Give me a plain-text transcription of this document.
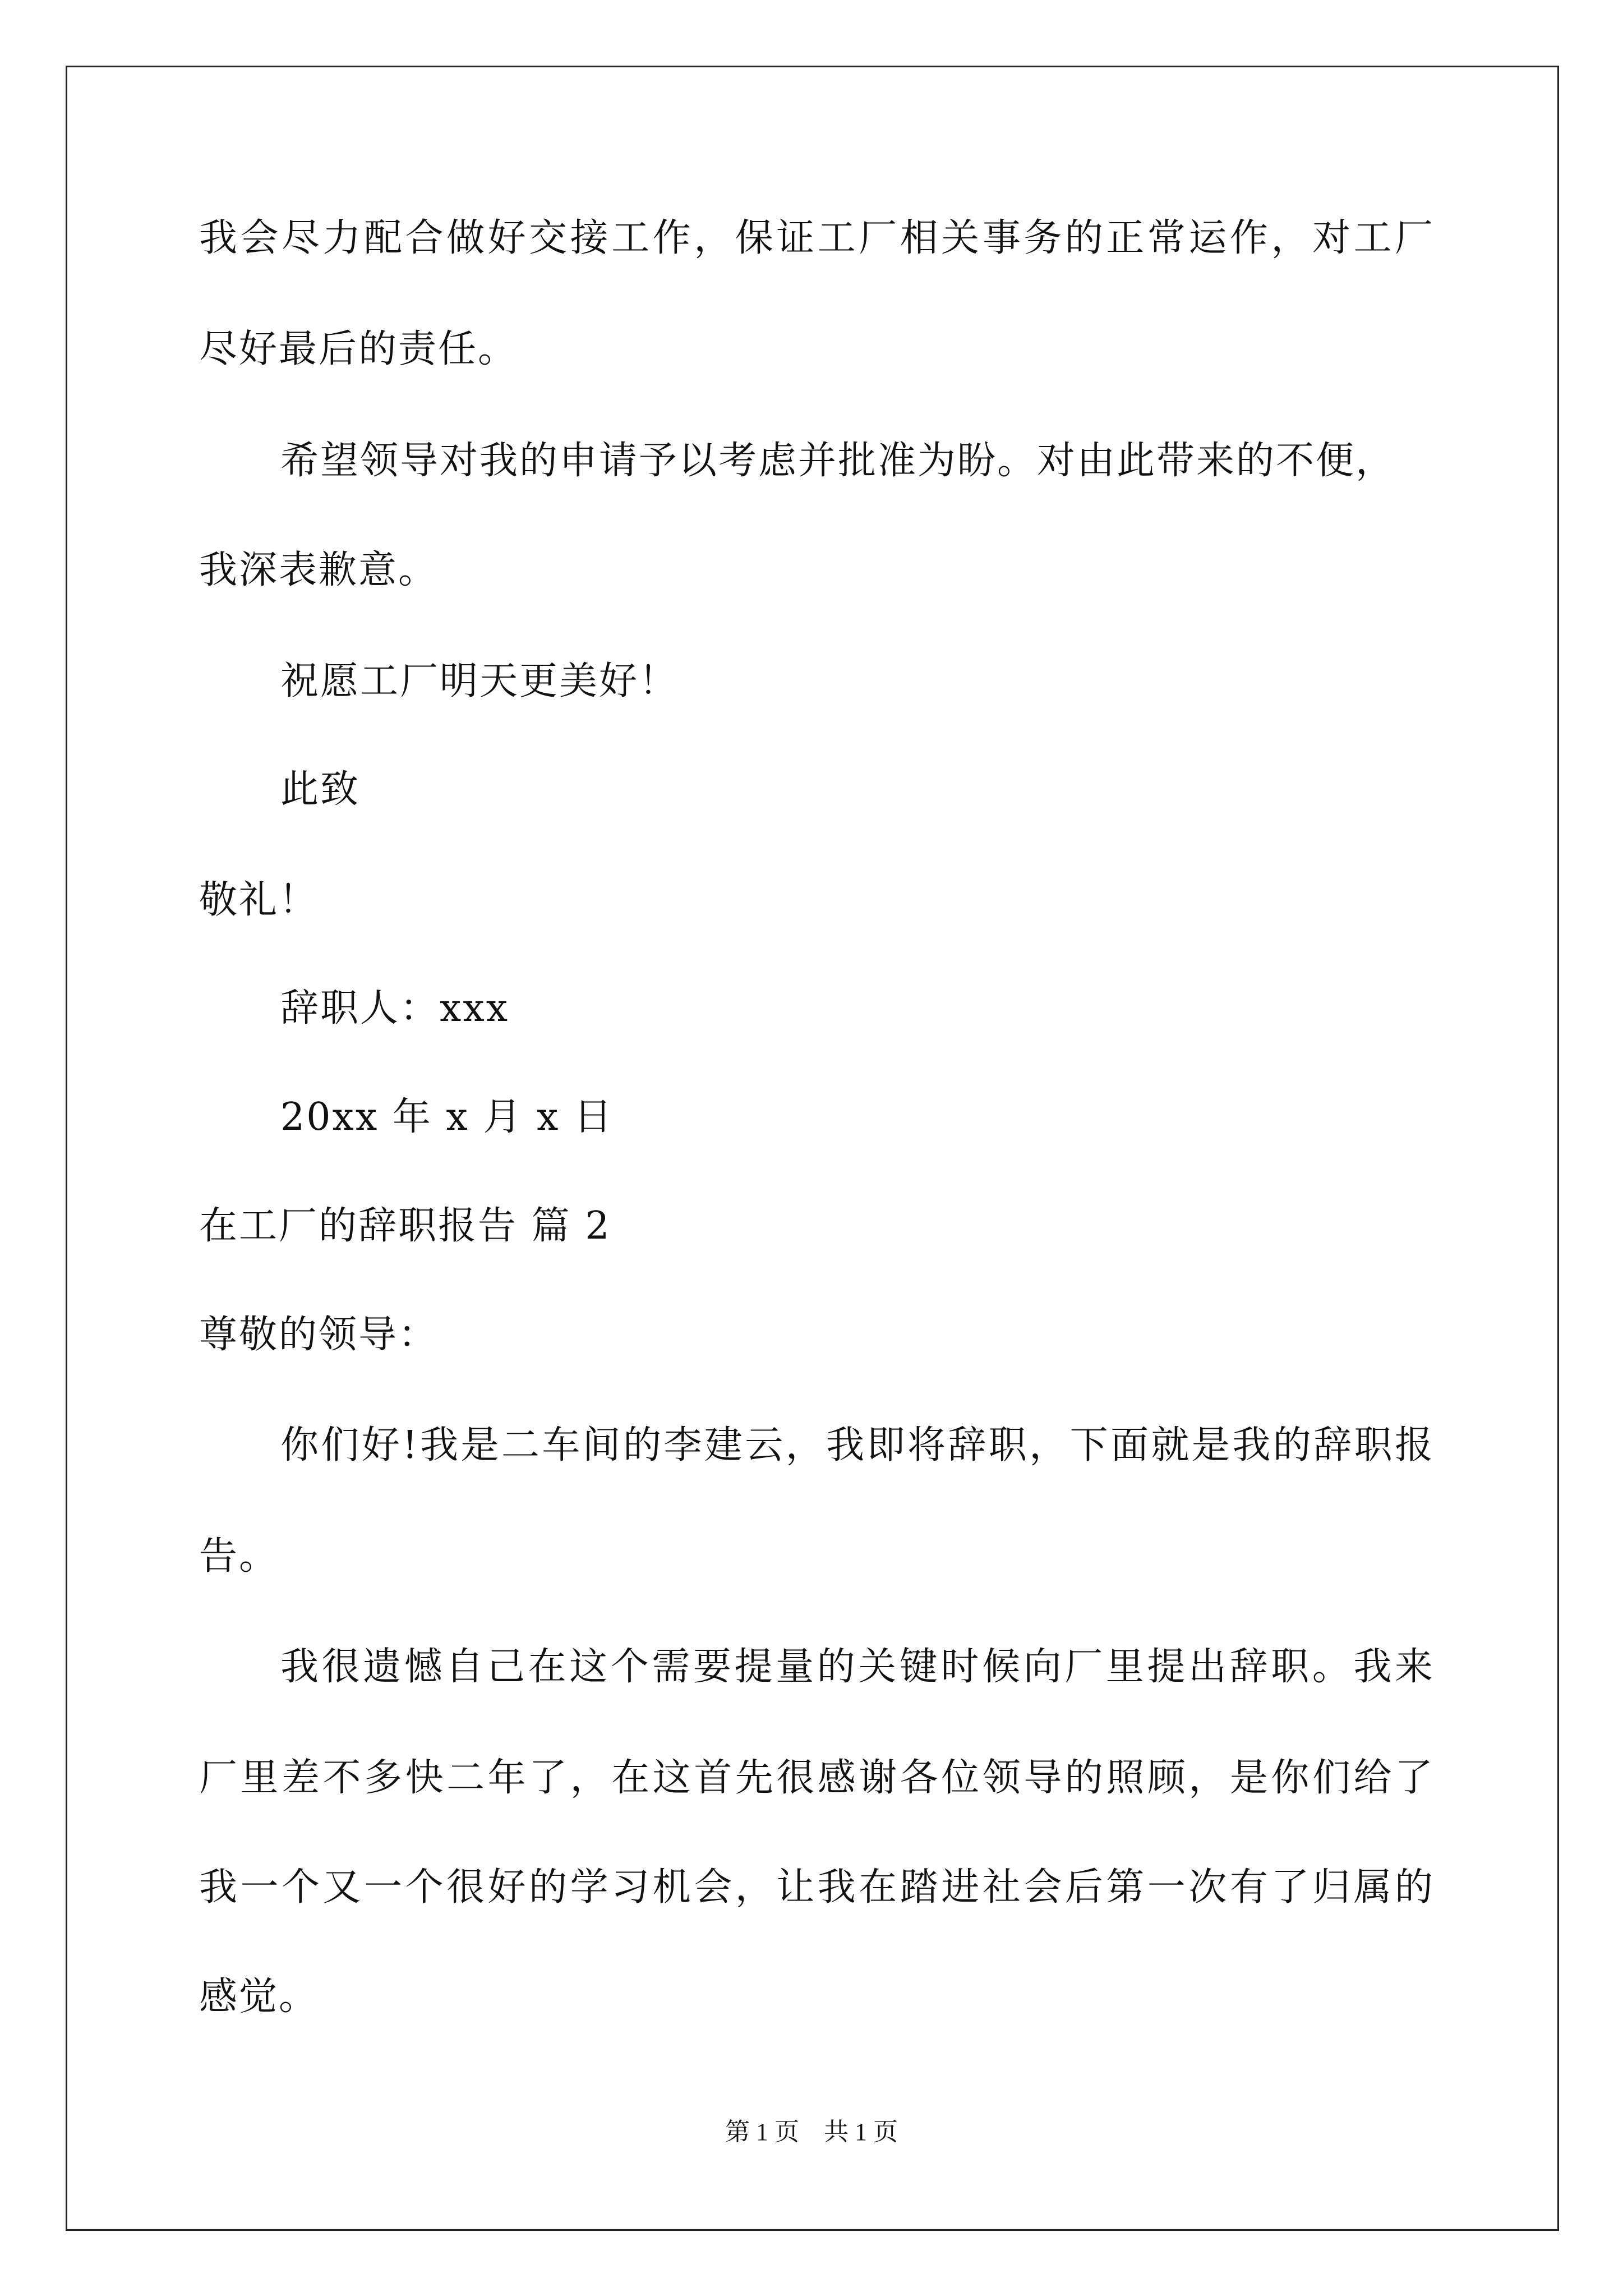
我会尽力配合做好交接工作，保证工厂相关事务的正常运作，对工厂
尽好最后的责任。
希望领导对我的申请予以考虑并批准为盼。对由此带来的不便，
我深表歉意。
祝愿工厂明天更美好！
此致
敬礼！
辞职人：xxx
20xx 年 x 月 x 日
在工厂的辞职报告 篇 2
尊敬的领导：
你们好!我是二车间的李建云，我即将辞职，下面就是我的辞职报
告。
我很遗憾自己在这个需要提量的关键时候向厂里提出辞职。我来
厂里差不多快二年了，在这首先很感谢各位领导的照顾，是你们给了
我一个又一个很好的学习机会，让我在踏进社会后第一次有了归属的
感觉。
第 1 页    共 1 页
